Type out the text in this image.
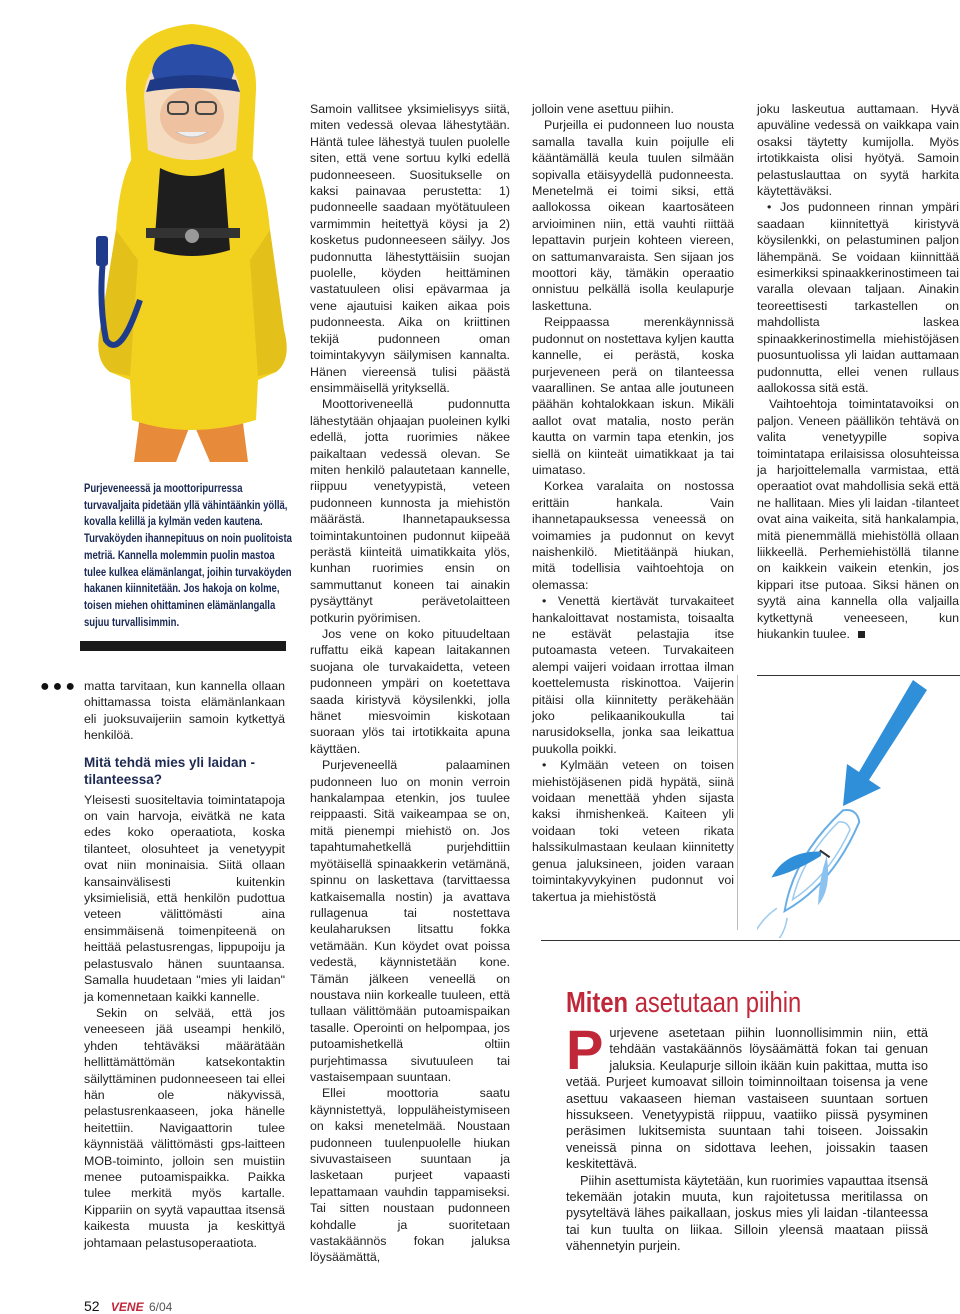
Purjeveneessä ja moottoripurressa turvavaljaita pidetään yllä vähintäänkin yöllä, kovalla kelillä ja kylmän veden kautena. Turvaköyden ihannepituus on noin puolitoista metriä. Kannella molemmin puolin mastoa tulee kulkea elämänlangat, joihin turvaköyden hakanen kiinnitetään. Jos hakoja on kolme, toisen miehen ohittaminen elämänlangalla sujuu turvallisimmin.
●●● matta tarvitaan, kun kannella ollaan ohittamassa toista elämänlankaan eli juoksuvaijeriin samoin kytkettyä henkilöä.

Mitä tehdä mies yli laidan -tilanteessa?

Yleisesti suositeltavia toimintatapoja on vain harvoja, eivätkä ne kata edes koko operaatiota, koska tilanteet, olosuhteet ja venetyypit ovat niin moninaisia. Siitä ollaan kansainvälisesti kuitenkin yksimielisiä, että henkilön pudottua veteen välittömästi aina ensimmäisenä toimenpiteenä on heittää pelastusrengas, lippupoiju ja pelastusvalo hänen suuntaansa. Samalla huudetaan "mies yli laidan" ja komennetaan kaikki kannelle.

Sekin on selvää, että jos veneeseen jää useampi henkilö, yhden tehtäväksi määrätään hellittämättömän katsekontaktin säilyttäminen pudonneeseen tai ellei hän ole näkyvissä, pelastusrenkaaseen, joka hänelle heitettiin. Navigaattorin tulee käynnistää välittömästi gps-laitteen MOB-toiminto, jolloin sen muistiin menee putoamispaikka. Paikka tulee merkitä myös kartalle. Kippariin on syytä vapauttaa itsensä kaikesta muusta ja keskittyä johtamaan pelastusoperaatiota.

Samoin vallitsee yksimielisyys siitä, miten vedessä olevaa lähestytään. Häntä tulee lähestyä tuulen puolelle siten, että vene sortuu kylki edellä pudonneeseen. Suositukselle on kaksi painavaa perustetta: 1) pudonneelle saadaan myötätuuleen varmimmin heitettyä köysi ja 2) kosketus pudonneeseen säilyy. Jos pudonnutta lähestyttäisiin suojan puolelle, köyden heittäminen vastatuuleen olisi epävarmaa ja vene ajautuisi kaiken aikaa pois pudonneesta. Aika on kriittinen tekijä pudonneen oman toimintakyvyn säilymisen kannalta. Hänen viereensä tulisi päästä ensimmäisellä yrityksellä.

Moottoriveneellä pudonnutta lähestytään ohjaajan puoleinen kylki edellä, jotta ruorimies näkee paikaltaan vedessä olevan. Se miten henkilö palautetaan kannelle, riippuu venetyypistä, veteen pudonneen kunnosta ja miehistön määrästä. Ihannetapauksessa toimintakuntoinen pudonnut kiipeää perästä kiinteitä uimatikkaita ylös, kunhan ruorimies ensin on sammuttanut koneen tai ainakin pysäyttänyt perävetolaitteen potkurin pyörimisen.

Jos vene on koko pituudeltaan ruffattu eikä kapean laitakannen suojana ole turvakaidetta, veteen pudonneen ympäri on koetettava saada kiristyvä köysilenkki, jolla hänet miesvoimin kiskotaan suoraan ylös tai irtotikkaita apuna käyttäen.

Purjeveneellä palaaminen pudonneen luo on monin verroin hankalampaa etenkin, jos tuulee reippaasti. Sitä vaikeampaa se on, mitä pienempi miehistö on. Jos tapahtumahetkellä purjehdittiin myötäisellä spinaakkerin vetämänä, spinnu on laskettava (tarvittaessa katkaisemalla nostin) ja avattava rullagenua tai nostettava keulaharuksen litsattu fokka vetämään. Kun köydet ovat poissa vedestä, käynnistetään kone. Tämän jälkeen veneellä on noustava niin korkealle tuuleen, että tullaan välittömään putoamispaikan tasalle. Operointi on helpompaa, jos putoamishetkellä oltiin purjehtimassa sivutuuleen tai vastaisempaan suuntaan.

Ellei moottoria saatu käynnistettyä, loppuläheistymiseen on kaksi menetelmää. Noustaan pudonneen tuulenpuolelle hiukan sivuvastaiseen suuntaan ja lasketaan purjeet vapaasti lepattamaan vauhdin tappamiseksi. Tai sitten noustaan pudonneen kohdalle ja suoritetaan vastakäännös fokan jaluksa löysäämättä,

jolloin vene asettuu piihin.

Purjeilla ei pudonneen luo nousta samalla tavalla kuin poijulle eli kääntämällä keula tuulen silmään sopivalla etäisyydellä pudonneesta. Menetelmä ei toimi siksi, että aallokossa oikean kaartosäteen arvioiminen niin, että vauhti riittää lepattavin purjein kohteen viereen, on sattumanvaraista. Sen sijaan jos moottori käy, tämäkin operaatio onnistuu pelkällä isolla keulapurje laskettuna.

Reippaassa merenkäynnissä pudonnut on nostettava kyljen kautta kannelle, ei perästä, koska purjeveneen perä on tilanteessa vaarallinen. Se antaa alle joutuneen päähän kohtalokkaan iskun. Mikäli aallot ovat matalia, nosto perän kautta on varmin tapa etenkin, jos siellä on kiinteät uimatikkaat ja tai uimataso.

Korkea varalaita on nostossa erittäin hankala. Vain ihannetapauksessa veneessä on voimamies ja pudonnut on kevyt naishenkilö. Mietitäänpä hiukan, mitä todellisia vaihtoehtoja on olemassa:

• Venettä kiertävät turvakaiteet hankaloittavat nostamista, toisaalta ne estävät pelastajia itse putoamasta veteen. Turvakaiteen alempi vaijeri voidaan irrottaa ilman koettelemusta riskinottoa. Vaijerin pitäisi olla kiinnitetty peräkehään joko pelikaanikoukulla tai narusidoksella, jonka saa leikattua puukolla poikki.

• Kylmään veteen on toisen miehistöjäsenen pidä hypätä, siinä voidaan menettää yhden sijasta kaksi ihmishenkeä. Kaiteen yli voidaan toki veteen rikata halssikulmastaan keulaan kiinnitetty genua jaluksineen, joiden varaan toimintakyvykyinen pudonnut voi takertua ja miehistöstä

joku laskeutua auttamaan. Hyvä apuväline vedessä on vaikkapa vain osaksi täytetty kumijolla. Myös irtotikkaista olisi hyötyä. Samoin pelastuslauttaa on syytä harkita käytettäväksi.

• Jos pudonneen rinnan ympäri saadaan kiinnitettyä kiristyvä köysilenkki, on pelastuminen paljon lähempänä. Se voidaan kiinnittää esimerkiksi spinaakkerinostimeen tai varalla olevaan taljaan. Ainakin teoreettisesti tarkastellen on mahdollista laskea spinaakkerinostimella miehistöjäsen puosuntuolissa yli laidan auttamaan pudonnutta, ellei venen rullaus aallokossa sitä estä.

Vaihtoehtoja toimintatavoiksi on paljon. Veneen päällikön tehtävä on valita venetyypille sopiva toimintatapa erilaisissa olosuhteissa ja harjoittelemalla varmistaa, että operaatiot ovat mahdollisia sekä että ne hallitaan. Mies yli laidan -tilanteet ovat aina vaikeita, sitä hankalampia, mitä pienemmällä miehistöllä ollaan liikkeellä. Perhemiehistöllä tilanne on kaikkein vaikein etenkin, jos kippari itse putoaa. Siksi hänen on syytä aina kannella olla valjailla kytkettynä veneeseen, kun hiukankin tuulee.

Miten asetutaan piihin

Purjevene asetetaan piihin luonnollisimmin niin, että tehdään vastakäännös löysäämättä fokan tai genuan jaluksia. Keulapurje silloin ikään kuin pakittaa, mutta iso vetää. Purjeet kumoavat silloin toiminnoiltaan toisensa ja vene asettuu vakaaseen hieman vastaiseen suuntaan sortuen hissukseen. Venetyypistä riippuu, vaatiiko piissä pysyminen peräsimen lukitsemista suuntaan tahi toiseen. Joissakin veneissä pinna on sidottava leehen, joissakin taasen keskitettävä.

Piihin asettumista käytetään, kun ruorimies vapauttaa itsensä tekemään jotakin muuta, kun rajoitetussa meritilassa on pysyteltävä lähes paikallaan, joskus mies yli laidan -tilanteessa tai kun tuulta on liikaa. Silloin yleensä maataan piissä vähennetyin purjein.

52 VENE 6/04
